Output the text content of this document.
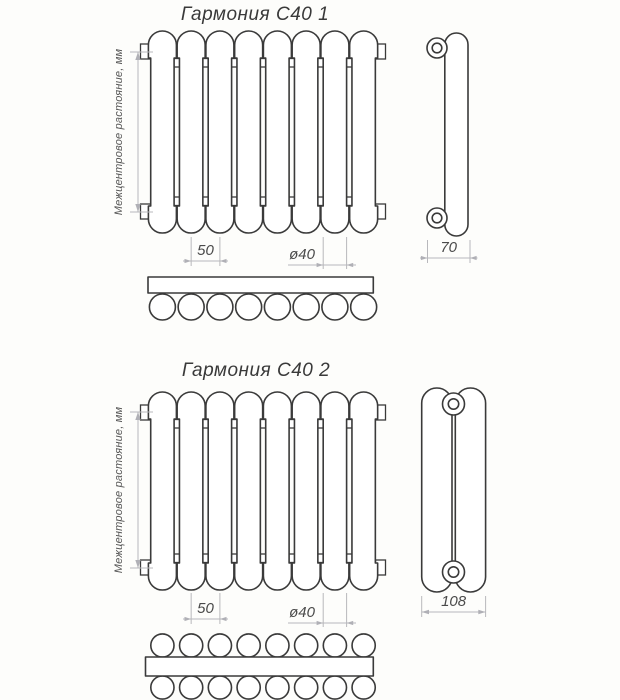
Гармония С40 1
Межцентровое растояние, мм
50	ø40	70
Гармония С40 2
Межцентровое растояние, мм
50	ø40
108
